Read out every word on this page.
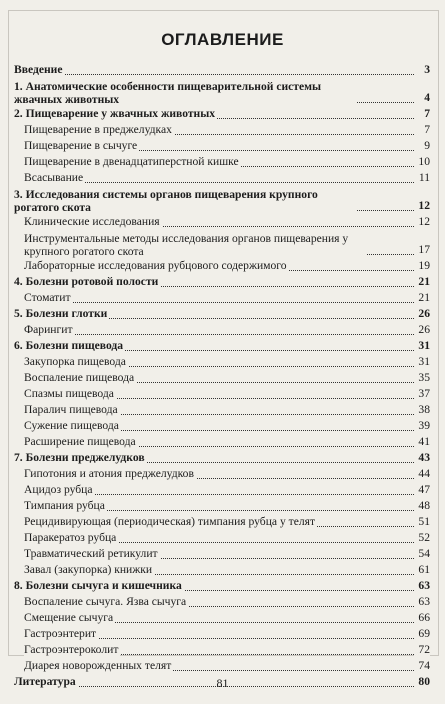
ОГЛАВЛЕНИЕ
Введение	3
1. Анатомические особенности пищеварительной системы жвачных животных	4
2. Пищеварение у жвачных животных	7
Пищеварение в преджелудках	7
Пищеварение в сычуге	9
Пищеварение в двенадцатиперстной кишке	10
Всасывание	11
3. Исследования системы органов пищеварения крупного рогатого скота	12
Клинические исследования	12
Инструментальные методы исследования органов пищеварения у крупного рогатого скота	17
Лабораторные исследования рубцового содержимого	19
4. Болезни ротовой полости	21
Стоматит	21
5. Болезни глотки	26
Фарингит	26
6. Болезни пищевода	31
Закупорка пищевода	31
Воспаление пищевода	35
Спазмы пищевода	37
Паралич пищевода	38
Сужение пищевода	39
Расширение пищевода	41
7. Болезни преджелудков	43
Гипотония и атония преджелудков	44
Ацидоз рубца	47
Тимпания рубца	48
Рецидивирующая (периодическая) тимпания рубца у телят	51
Паракератоз рубца	52
Травматический ретикулит	54
Завал (закупорка) книжки	61
8. Болезни сычуга и кишечника	63
Воспаление сычуга. Язва сычуга	63
Смещение сычуга	66
Гастроэнтерит	69
Гастроэнтероколит	72
Диарея новорожденных телят	74
Литература	80
81
